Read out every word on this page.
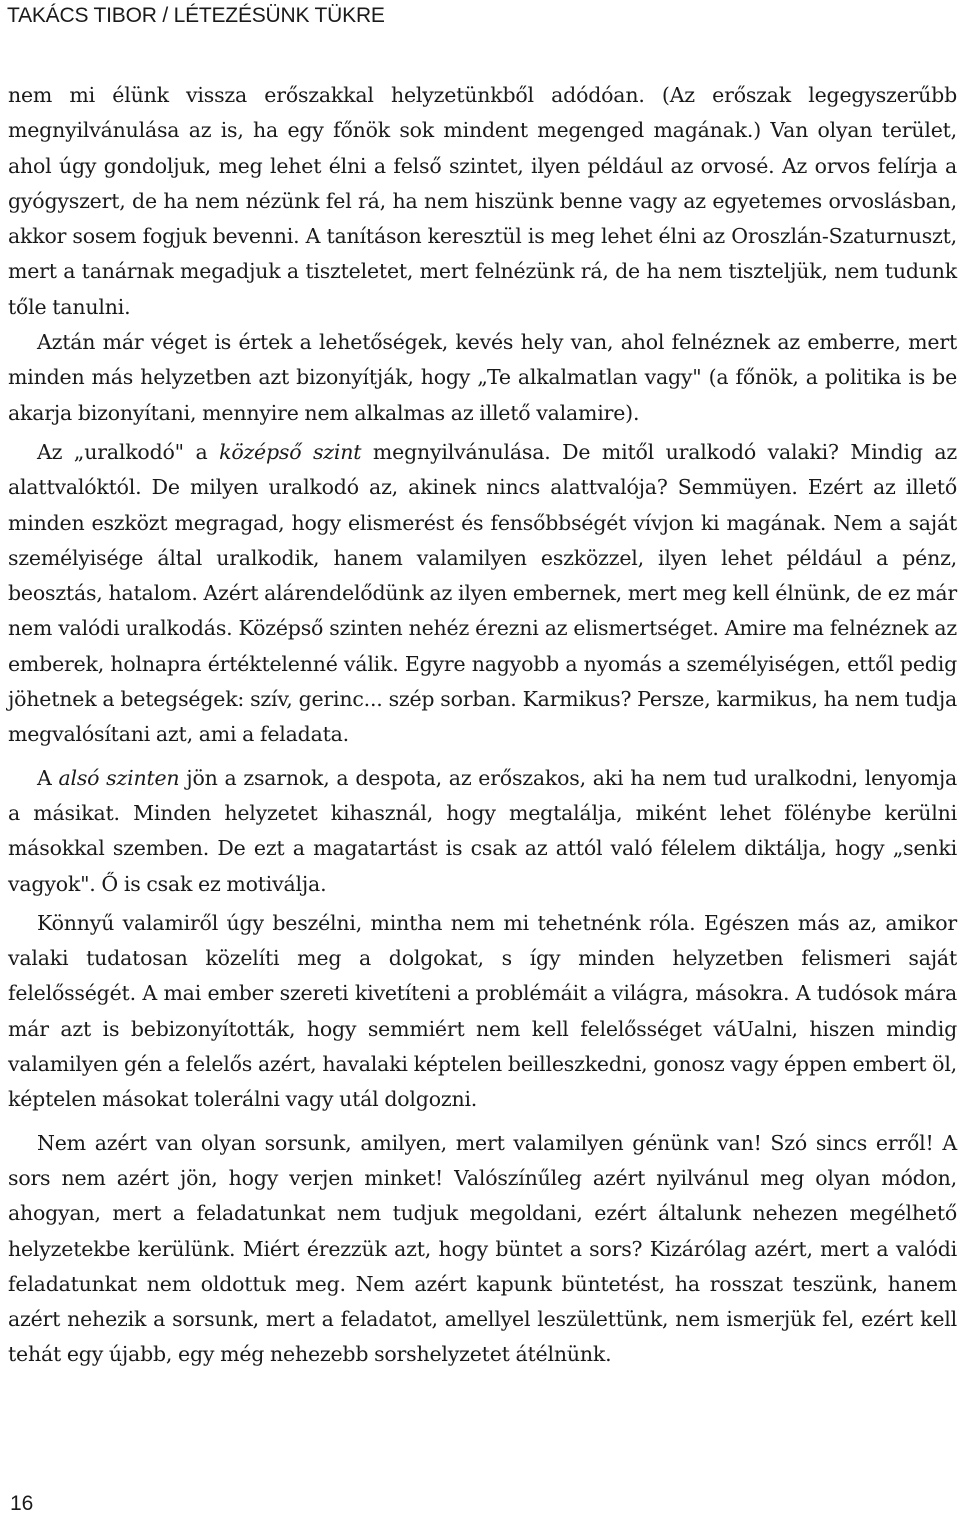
TAKÁCS TIBOR / LÉTEZÉSÜNK TÜKRE

nem mi élünk vissza erőszakkal helyzetünkből adódóan. (Az erőszak legegyszerűbb megnyilvánulása az is, ha egy főnök sok mindent megenged magának.) Van olyan terület, ahol úgy gondoljuk, meg lehet élni a felső szintet, ilyen például az orvosé. Az orvos felírja a gyógyszert, de ha nem nézünk fel rá, ha nem hiszünk benne vagy az egyetemes orvoslásban, akkor sosem fogjuk bevenni. A tanításon keresztül is meg lehet élni az Oroszlán-Szaturnuszt, mert a tanárnak megadjuk a tiszteletet, mert felnézünk rá, de ha nem tiszteljük, nem tudunk tőle tanulni.

Aztán már véget is értek a lehetőségek, kevés hely van, ahol felnéznek az emberre, mert minden más helyzetben azt bizonyítják, hogy „Te alkalmatlan vagy" (a főnök, a politika is be akarja bizonyítani, mennyire nem alkalmas az illető valamire).

Az „uralkodó" a középső szint megnyilvánulása. De mitől uralkodó valaki? Mindig az alattvalóktól. De milyen uralkodó az, akinek nincs alattvalója? Semmüyen. Ezért az illető minden eszközt megragad, hogy elismerést és fensőbbségét vívjon ki magának. Nem a saját személyisége által uralkodik, hanem valamilyen eszközzel, ilyen lehet például a pénz, beosztás, hatalom. Azért alárendelődünk az ilyen embernek, mert meg kell élnünk, de ez már nem valódi uralkodás. Középső szinten nehéz érezni az elismertséget. Amire ma felnéznek az emberek, holnapra értéktelenné válik. Egyre nagyobb a nyomás a személyiségen, ettől pedig jöhetnek a betegségek: szív, gerinc... szép sorban. Karmikus? Persze, karmikus, ha nem tudja megvalósítani azt, ami a feladata.

A alsó szinten jön a zsarnok, a despota, az erőszakos, aki ha nem tud uralkodni, lenyomja a másikat. Minden helyzetet kihasznál, hogy megtalálja, miként lehet fölénybe kerülni másokkal szemben. De ezt a magatartást is csak az attól való félelem diktálja, hogy „senki vagyok". Ő is csak ez motiválja.

Könnyű valamiről úgy beszélni, mintha nem mi tehetnénk róla. Egészen más az, amikor valaki tudatosan közelíti meg a dolgokat, s így minden helyzetben felismeri saját felelősségét. A mai ember szereti kivetíteni a problémáit a világra, másokra. A tudósok mára már azt is bebizonyították, hogy semmiért nem kell felelősséget váUalni, hiszen mindig valamilyen gén a felelős azért, havalaki képtelen beilleszkedni, gonosz vagy éppen embert öl, képtelen másokat tolerálni vagy utál dolgozni.

Nem azért van olyan sorsunk, amilyen, mert valamilyen génünk van! Szó sincs erről! A sors nem azért jön, hogy verjen minket! Valószínűleg azért nyilvánul meg olyan módon, ahogyan, mert a feladatunkat nem tudjuk megoldani, ezért általunk nehezen megélhető helyzetekbe kerülünk. Miért érezzük azt, hogy büntet a sors? Kizárólag azért, mert a valódi feladatunkat nem oldottuk meg. Nem azért kapunk büntetést, ha rosszat teszünk, hanem azért nehezik a sorsunk, mert a feladatot, amellyel leszülettünk, nem ismerjük fel, ezért kell tehát egy újabb, egy még nehezebb sorshelyzetet átélnünk.

16
